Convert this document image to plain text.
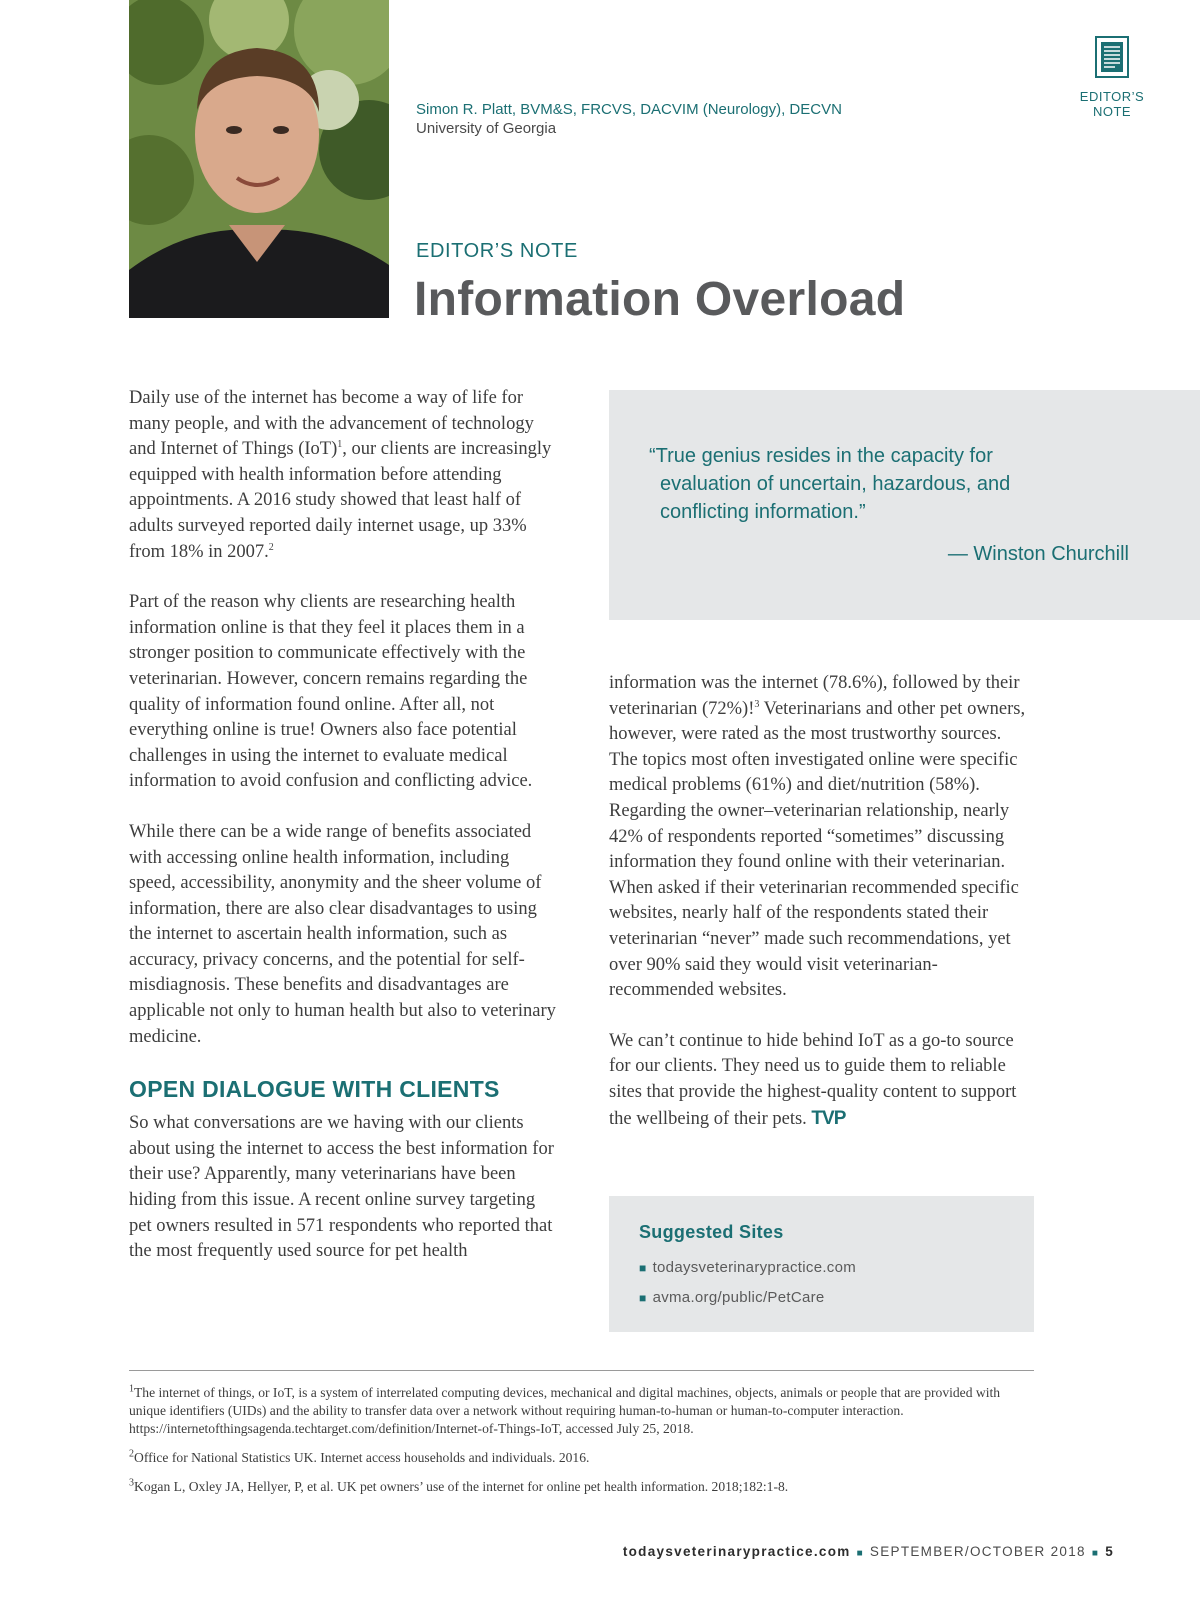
Simon R. Platt, BVM&S, FRCVS, DACVIM (Neurology), DECVN
University of Georgia
EDITOR’S
NOTE
EDITOR’S NOTE
Information Overload

Daily use of the internet has become a way of life for many people, and with the advancement of technology and Internet of Things (IoT)$^1$, our clients are increasingly equipped with health information before attending appointments. A 2016 study showed that least half of adults surveyed reported daily internet usage, up 33% from 18% in 2007.$^2$

Part of the reason why clients are researching health information online is that they feel it places them in a stronger position to communicate effectively with the veterinarian. However, concern remains regarding the quality of information found online. After all, not everything online is true! Owners also face potential challenges in using the internet to evaluate medical information to avoid confusion and conflicting advice.

While there can be a wide range of benefits associated with accessing online health information, including speed, accessibility, anonymity and the sheer volume of information, there are also clear disadvantages to using the internet to ascertain health information, such as accuracy, privacy concerns, and the potential for self-misdiagnosis. These benefits and disadvantages are applicable not only to human health but also to veterinary medicine.

OPEN DIALOGUE WITH CLIENTS

So what conversations are we having with our clients about using the internet to access the best information for their use? Apparently, many veterinarians have been hiding from this issue. A recent online survey targeting pet owners resulted in 571 respondents who reported that the most frequently used source for pet health

“True genius resides in the capacity for evaluation of uncertain, hazardous, and conflicting information.”
— Winston Churchill

information was the internet (78.6%), followed by their veterinarian (72%)!$^3$ Veterinarians and other pet owners, however, were rated as the most trustworthy sources. The topics most often investigated online were specific medical problems (61%) and diet/nutrition (58%). Regarding the owner–veterinarian relationship, nearly 42% of respondents reported “sometimes” discussing information they found online with their veterinarian. When asked if their veterinarian recommended specific websites, nearly half of the respondents stated their veterinarian “never” made such recommendations, yet over 90% said they would visit veterinarian-recommended websites.

We can’t continue to hide behind IoT as a go-to source for our clients. They need us to guide them to reliable sites that provide the highest-quality content to support the wellbeing of their pets. TVP

Suggested Sites
■ todaysveterinarypractice.com
■ avma.org/public/PetCare

$^1$The internet of things, or IoT, is a system of interrelated computing devices, mechanical and digital machines, objects, animals or people that are provided with unique identifiers (UIDs) and the ability to transfer data over a network without requiring human-to-human or human-to-computer interaction. https://internetofthingsagenda.techtarget.com/definition/Internet-of-Things-IoT, accessed July 25, 2018.

$^2$Office for National Statistics UK. Internet access households and individuals. 2016.

$^3$Kogan L, Oxley JA, Hellyer, P, et al. UK pet owners’ use of the internet for online pet health information. 2018;182:1-8.

todaysveterinarypractice.com ■ SEPTEMBER/OCTOBER 2018 ■ 5
